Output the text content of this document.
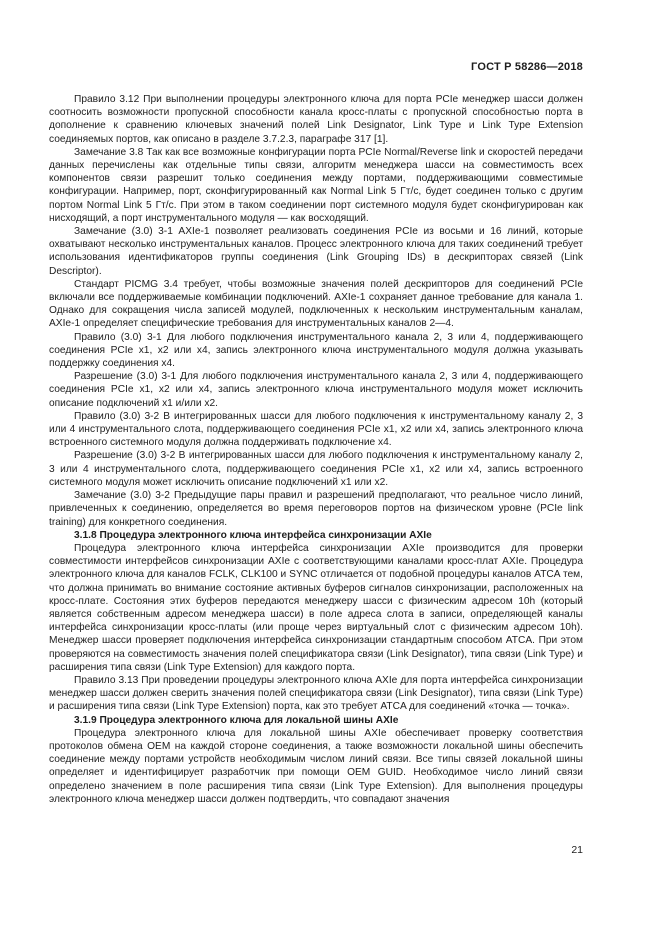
ГОСТ Р 58286—2018

Правило 3.12 При выполнении процедуры электронного ключа для порта PCIe менеджер шасси должен соотносить возможности пропускной способности канала кросс-платы с пропускной способностью порта в дополнение к сравнению ключевых значений полей Link Designator, Link Type и Link Type Extension соединяемых портов, как описано в разделе 3.7.2.3, параграфе 317 [1].

Замечание 3.8 Так как все возможные конфигурации порта PCIe Normal/Reverse link и скоростей передачи данных перечислены как отдельные типы связи, алгоритм менеджера шасси на совместимость всех компонентов связи разрешит только соединения между портами, поддерживающими совместимые конфигурации. Например, порт, сконфигурированный как Normal Link 5 Гт/с, будет соединен только с другим портом Normal Link 5 Гт/с. При этом в таком соединении порт системного модуля будет сконфигурирован как нисходящий, а порт инструментального модуля — как восходящий.

Замечание (3.0) 3-1 AXIe-1 позволяет реализовать соединения PCIe из восьми и 16 линий, которые охватывают несколько инструментальных каналов. Процесс электронного ключа для таких соединений требует использования идентификаторов группы соединения (Link Grouping IDs) в дескрипторах связей (Link Descriptor).

Стандарт PICMG 3.4 требует, чтобы возможные значения полей дескрипторов для соединений PCIe включали все поддерживаемые комбинации подключений. AXIe-1 сохраняет данное требование для канала 1. Однако для сокращения числа записей модулей, подключенных к нескольким инструментальным каналам, AXIe-1 определяет специфические требования для инструментальных каналов 2—4.

Правило (3.0) 3-1 Для любого подключения инструментального канала 2, 3 или 4, поддерживающего соединения PCIe x1, x2 или x4, запись электронного ключа инструментального модуля должна указывать поддержку соединения x4.

Разрешение (3.0) 3-1 Для любого подключения инструментального канала 2, 3 или 4, поддерживающего соединения PCIe x1, x2 или x4, запись электронного ключа инструментального модуля может исключить описание подключений x1 и/или x2.

Правило (3.0) 3-2 В интегрированных шасси для любого подключения к инструментальному каналу 2, 3 или 4 инструментального слота, поддерживающего соединения PCIe x1, x2 или x4, запись электронного ключа встроенного системного модуля должна поддерживать подключение x4.

Разрешение (3.0) 3-2 В интегрированных шасси для любого подключения к инструментальному каналу 2, 3 или 4 инструментального слота, поддерживающего соединения PCIe x1, x2 или x4, запись встроенного системного модуля может исключить описание подключений x1 или x2.

Замечание (3.0) 3-2 Предыдущие пары правил и разрешений предполагают, что реальное число линий, привлеченных к соединению, определяется во время переговоров портов на физическом уровне (PCIe link training) для конкретного соединения.

3.1.8 Процедура электронного ключа интерфейса синхронизации AXIe

Процедура электронного ключа интерфейса синхронизации AXIe производится для проверки совместимости интерфейсов синхронизации AXIe с соответствующими каналами кросс-плат AXIe. Процедура электронного ключа для каналов FCLK, CLK100 и SYNC отличается от подобной процедуры каналов ATCA тем, что должна принимать во внимание состояние активных буферов сигналов синхронизации, расположенных на кросс-плате. Состояния этих буферов передаются менеджеру шасси с физическим адресом 10h (который является собственным адресом менеджера шасси) в поле адреса слота в записи, определяющей каналы интерфейса синхронизации кросс-платы (или проще через виртуальный слот с физическим адресом 10h). Менеджер шасси проверяет подключения интерфейса синхронизации стандартным способом ATCA. При этом проверяются на совместимость значения полей спецификатора связи (Link Designator), типа связи (Link Type) и расширения типа связи (Link Type Extension) для каждого порта.

Правило 3.13 При проведении процедуры электронного ключа AXIe для порта интерфейса синхронизации менеджер шасси должен сверить значения полей спецификатора связи (Link Designator), типа связи (Link Type) и расширения типа связи (Link Type Extension) порта, как это требует ATCA для соединений «точка — точка».

3.1.9 Процедура электронного ключа для локальной шины AXIe

Процедура электронного ключа для локальной шины AXIe обеспечивает проверку соответствия протоколов обмена OEM на каждой стороне соединения, а также возможности локальной шины обеспечить соединение между портами устройств необходимым числом линий связи. Все типы связей локальной шины определяет и идентифицирует разработчик при помощи OEM GUID. Необходимое число линий связи определено значением в поле расширения типа связи (Link Type Extension). Для выполнения процедуры электронного ключа менеджер шасси должен подтвердить, что совпадают значения

21
